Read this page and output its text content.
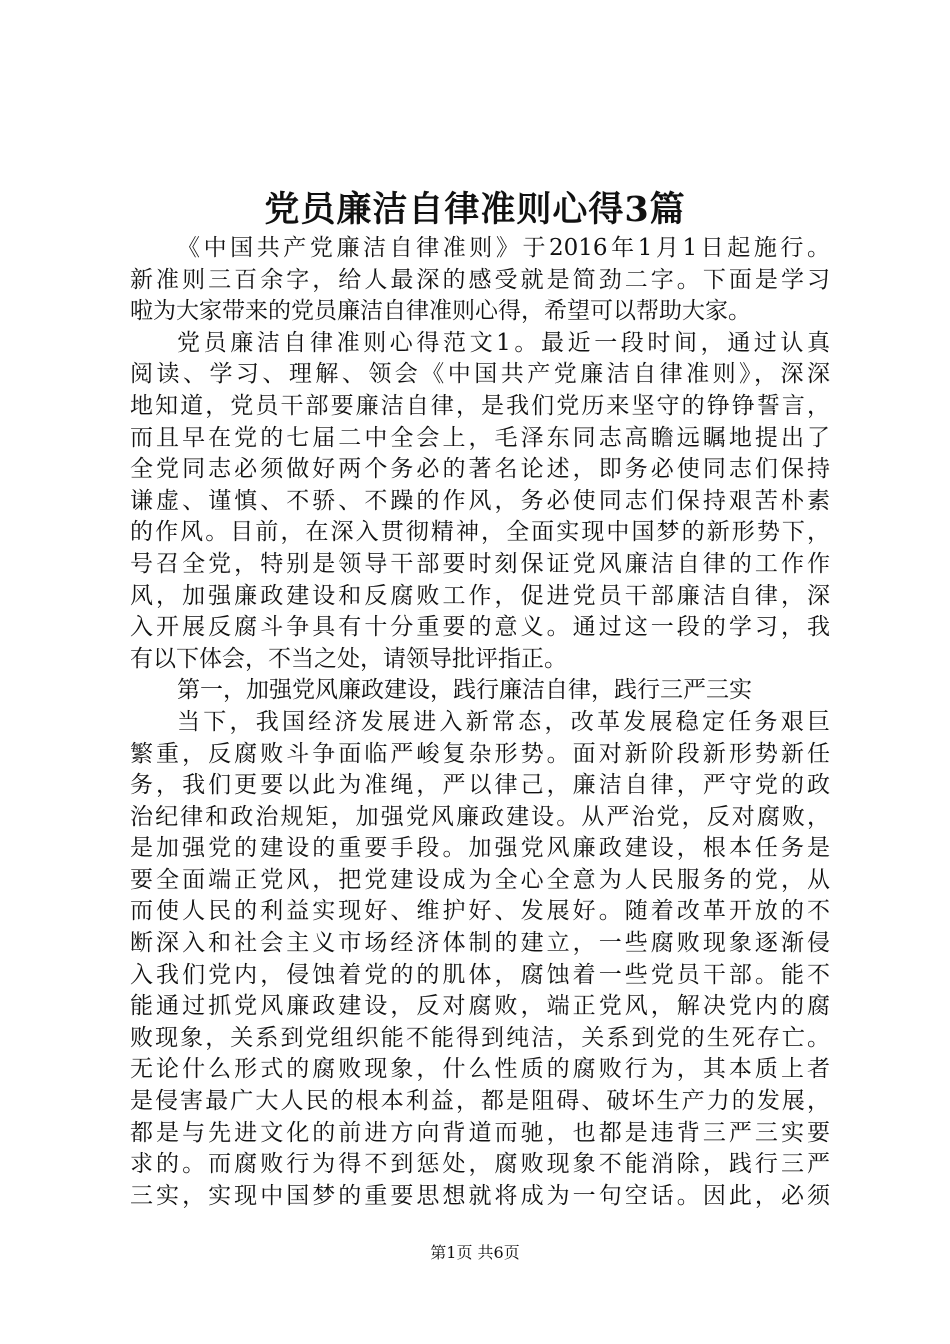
党员廉洁自律准则心得3篇
《中国共产党廉洁自律准则》于2016年1月1日起施行。
新准则三百余字，给人最深的感受就是简劲二字。下面是学习
啦为大家带来的党员廉洁自律准则心得，希望可以帮助大家。
党员廉洁自律准则心得范文1。最近一段时间，通过认真
阅读、学习、理解、领会《中国共产党廉洁自律准则》，深深
地知道，党员干部要廉洁自律，是我们党历来坚守的铮铮誓言，
而且早在党的七届二中全会上，毛泽东同志高瞻远瞩地提出了
全党同志必须做好两个务必的著名论述，即务必使同志们保持
谦虚、谨慎、不骄、不躁的作风，务必使同志们保持艰苦朴素
的作风。目前，在深入贯彻精神，全面实现中国梦的新形势下，
号召全党，特别是领导干部要时刻保证党风廉洁自律的工作作
风，加强廉政建设和反腐败工作，促进党员干部廉洁自律，深
入开展反腐斗争具有十分重要的意义。通过这一段的学习，我
有以下体会，不当之处，请领导批评指正。
第一，加强党风廉政建设，践行廉洁自律，践行三严三实
当下，我国经济发展进入新常态，改革发展稳定任务艰巨
繁重，反腐败斗争面临严峻复杂形势。面对新阶段新形势新任
务，我们更要以此为准绳，严以律己，廉洁自律，严守党的政
治纪律和政治规矩，加强党风廉政建设。从严治党，反对腐败，
是加强党的建设的重要手段。加强党风廉政建设，根本任务是
要全面端正党风，把党建设成为全心全意为人民服务的党，从
而使人民的利益实现好、维护好、发展好。随着改革开放的不
断深入和社会主义市场经济体制的建立，一些腐败现象逐渐侵
入我们党内，侵蚀着党的的肌体，腐蚀着一些党员干部。能不
能通过抓党风廉政建设，反对腐败，端正党风，解决党内的腐
败现象，关系到党组织能不能得到纯洁，关系到党的生死存亡。
无论什么形式的腐败现象，什么性质的腐败行为，其本质上者
是侵害最广大人民的根本利益，都是阻碍、破坏生产力的发展，
都是与先进文化的前进方向背道而驰，也都是违背三严三实要
求的。而腐败行为得不到惩处，腐败现象不能消除，践行三严
三实，实现中国梦的重要思想就将成为一句空话。因此，必须
第1页 共6页
